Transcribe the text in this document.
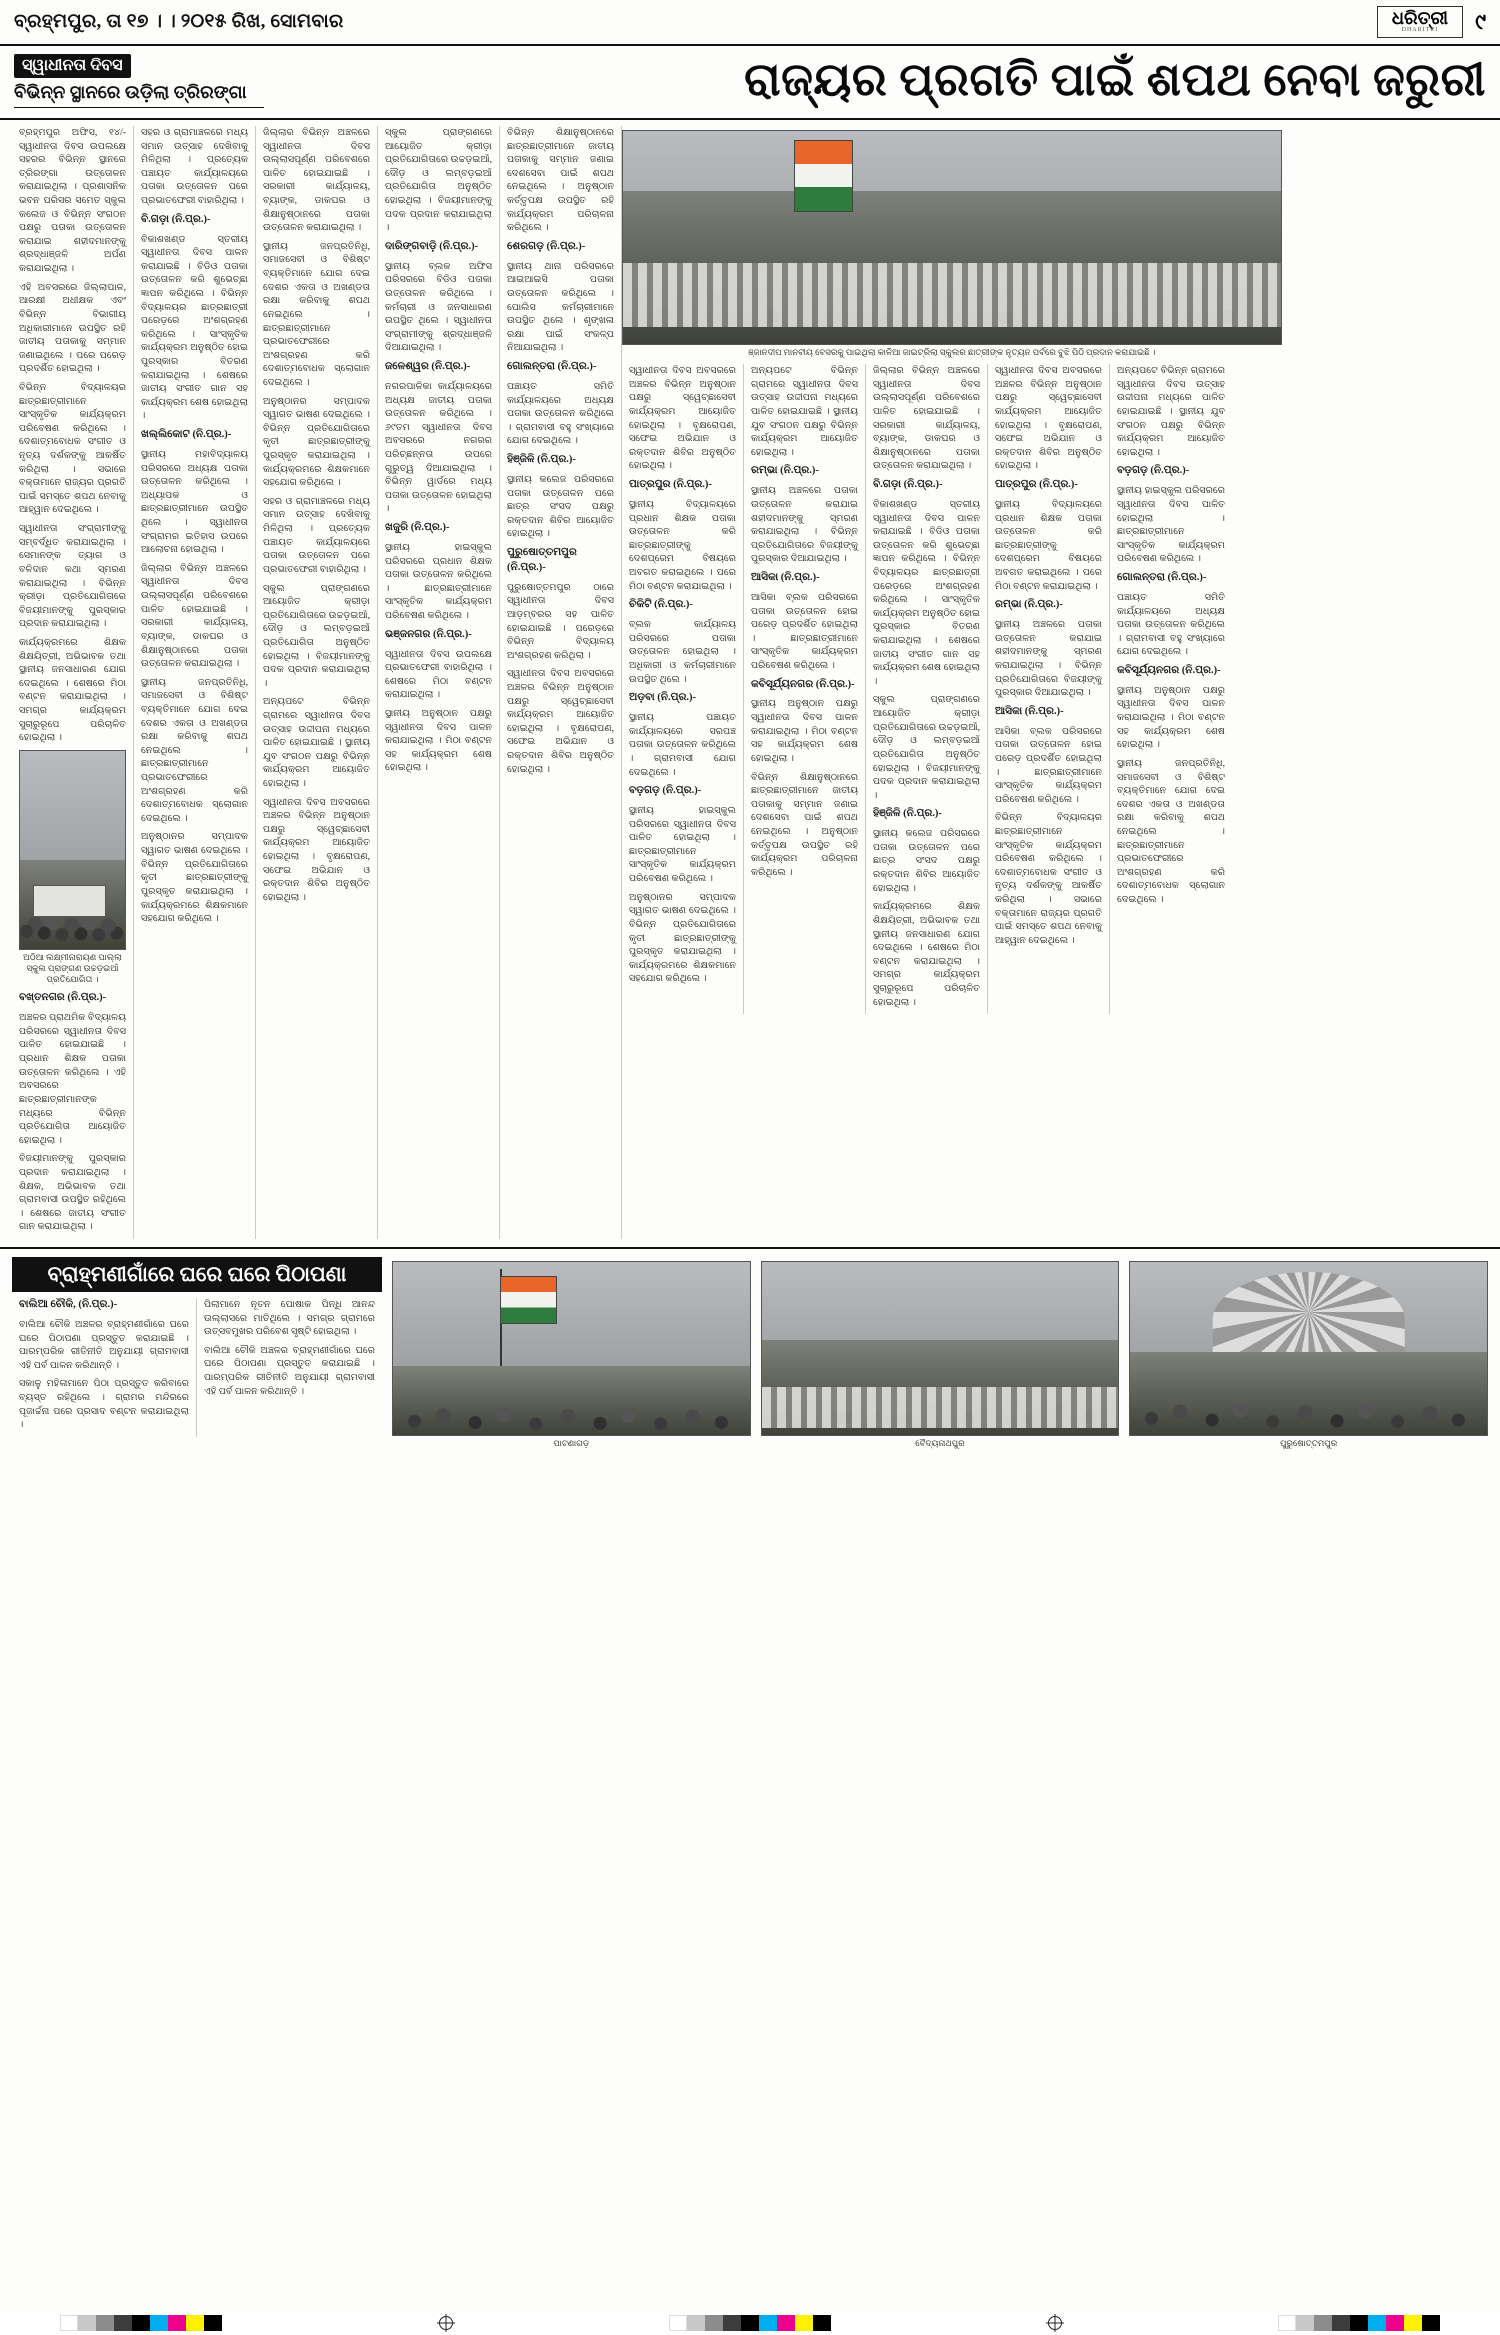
ବ୍ରହ୍ମପୁର, ତା ୧୭ । । ୨୦୧୫ ରିଖ, ସୋମବାର	ଧରିତ୍ରୀ
DHARITRI	୯
ସ୍ୱାଧୀନତା ଦିବସ
ବିଭିନ୍ନ ସ୍ଥାନରେ ଉଡ଼ିଲା ତ୍ରିରଙ୍ଗା	ରାଜ୍ୟର ପ୍ରଗତି ପାଇଁ ଶପଥ ନେବା ଜରୁରୀ

ବ୍ରହ୍ମପୁର ଅଫିସ, ୧୪/- ସ୍ୱାଧୀନତା ଦିବସ ଉପଲକ୍ଷେ ସହରର ବିଭିନ୍ନ ସ୍ଥାନରେ ତ୍ରିରଙ୍ଗା ଉତ୍ତୋଳନ କରାଯାଇଥିଲା । ପ୍ରଶାସନିକ ଭବନ ପରିସର ସମେତ ସ୍କୁଲ କଲେଜ ଓ ବିଭିନ୍ନ ସଂଗଠନ ପକ୍ଷରୁ ପତାକା ଉତ୍ତୋଳନ କରାଯାଇ ଶହୀଦମାନଙ୍କୁ ଶ୍ରଦ୍ଧାଞ୍ଜଳି ଅର୍ପଣ କରାଯାଇଥିଲା ।

ଏହି ଅବସରରେ ଜିଲ୍ଲାପାଳ, ଆରକ୍ଷୀ ଅଧୀକ୍ଷକ ଏବଂ ବିଭିନ୍ନ ବିଭାଗୀୟ ଅଧିକାରୀମାନେ ଉପସ୍ଥିତ ରହି ଜାତୀୟ ପତାକାକୁ ସମ୍ମାନ ଜଣାଇଥିଲେ । ପରେ ପରେଡ଼ ପ୍ରଦର୍ଶିତ ହୋଇଥିଲା ।

ବିଭିନ୍ନ ବିଦ୍ୟାଳୟର ଛାତ୍ରଛାତ୍ରୀମାନେ ସାଂସ୍କୃତିକ କାର୍ଯ୍ୟକ୍ରମ ପରିବେଷଣ କରିଥିଲେ । ଦେଶାତ୍ମବୋଧକ ସଂଗୀତ ଓ ନୃତ୍ୟ ଦର୍ଶକଙ୍କୁ ଆକର୍ଷିତ କରିଥିଲା । ସଭାରେ ବକ୍ତାମାନେ ରାଜ୍ୟର ପ୍ରଗତି ପାଇଁ ସମସ୍ତେ ଶପଥ ନେବାକୁ ଆହ୍ୱାନ ଦେଇଥିଲେ ।

ସ୍ୱାଧୀନତା ସଂଗ୍ରାମୀଙ୍କୁ ସମ୍ବର୍ଦ୍ଧିତ କରାଯାଇଥିଲା । ସେମାନଙ୍କ ତ୍ୟାଗ ଓ ବଳିଦାନ କଥା ସ୍ମରଣ କରାଯାଇଥିଲା । ବିଭିନ୍ନ କ୍ରୀଡ଼ା ପ୍ରତିଯୋଗିତାରେ ବିଜୟୀମାନଙ୍କୁ ପୁରସ୍କାର ପ୍ରଦାନ କରାଯାଇଥିଲା ।

କାର୍ଯ୍ୟକ୍ରମରେ ଶିକ୍ଷକ ଶିକ୍ଷୟିତ୍ରୀ, ଅଭିଭାବକ ତଥା ସ୍ଥାନୀୟ ଜନସାଧାରଣ ଯୋଗ ଦେଇଥିଲେ । ଶେଷରେ ମିଠା ବଣ୍ଟନ କରାଯାଇଥିଲା । ସମଗ୍ର କାର୍ଯ୍ୟକ୍ରମ ସୁଚାରୁରୂପେ ପରିଚାଳିତ ହୋଇଥିଲା ।

ଅଠିଆ ଲକ୍ଷ୍ମୀନାରାୟଣ ପାଲ୍ଲା ସ୍କୁଲ ପ୍ରାଙ୍ଗଣ ଉଚ୍ଚଡ଼ଇଆଁ ପ୍ରତିଯୋଗିତା ।

ବଖ୍ତନଗର (ନି.ପ୍ର.)-

ଅଞ୍ଚଳର ପ୍ରାଥମିକ ବିଦ୍ୟାଳୟ ପରିସରରେ ସ୍ୱାଧୀନତା ଦିବସ ପାଳିତ ହୋଇଯାଇଛି । ପ୍ରଧାନ ଶିକ୍ଷକ ପତାକା ଉତ୍ତୋଳନ କରିଥିଲେ । ଏହି ଅବସରରେ ଛାତ୍ରଛାତ୍ରୀମାନଙ୍କ ମଧ୍ୟରେ ବିଭିନ୍ନ ପ୍ରତିଯୋଗିତା ଆୟୋଜିତ ହୋଇଥିଲା ।

ବିଜୟୀମାନଙ୍କୁ ପୁରସ୍କାର ପ୍ରଦାନ କରାଯାଇଥିଲା । ଶିକ୍ଷକ, ଅଭିଭାବକ ତଥା ଗ୍ରାମବାସୀ ଉପସ୍ଥିତ ରହିଥିଲେ । ଶେଷରେ ଜାତୀୟ ସଂଗୀତ ଗାନ କରାଯାଇଥିଲା ।

ସହର ଓ ଗ୍ରାମାଞ୍ଚଳରେ ମଧ୍ୟ ସମାନ ଉତ୍ସାହ ଦେଖିବାକୁ ମିଳିଥିଲା । ପ୍ରତ୍ୟେକ ପଞ୍ଚାୟତ କାର୍ଯ୍ୟାଳୟରେ ପତାକା ଉତ୍ତୋଳନ ପରେ ପ୍ରଭାତଫେରୀ ବାହାରିଥିଲା ।

ବି.ଗଡ଼ା (ନି.ପ୍ର.)-

ବିକାଶଖଣ୍ଡ ସ୍ତରୀୟ ସ୍ୱାଧୀନତା ଦିବସ ପାଳନ କରାଯାଇଛି । ବିଡିଓ ପତାକା ଉତ୍ତୋଳନ କରି ଶୁଭେଚ୍ଛା ଜ୍ଞାପନ କରିଥିଲେ । ବିଭିନ୍ନ ବିଦ୍ୟାଳୟର ଛାତ୍ରଛାତ୍ରୀ ପରେଡ଼ରେ ଅଂଶଗ୍ରହଣ କରିଥିଲେ । ସାଂସ୍କୃତିକ କାର୍ଯ୍ୟକ୍ରମ ଅନୁଷ୍ଠିତ ହୋଇ ପୁରସ୍କାର ବିତରଣ କରାଯାଇଥିଲା । ଶେଷରେ ଜାତୀୟ ସଂଗୀତ ଗାନ ସହ କାର୍ଯ୍ୟକ୍ରମ ଶେଷ ହୋଇଥିଲା ।

ଖଲ୍ଲିକୋଟ (ନି.ପ୍ର.)-

ସ୍ଥାନୀୟ ମହାବିଦ୍ୟାଳୟ ପରିସରରେ ଅଧ୍ୟକ୍ଷ ପତାକା ଉତ୍ତୋଳନ କରିଥିଲେ । ଅଧ୍ୟାପକ ଓ ଛାତ୍ରଛାତ୍ରୀମାନେ ଉପସ୍ଥିତ ଥିଲେ । ସ୍ୱାଧୀନତା ସଂଗ୍ରାମର ଇତିହାସ ଉପରେ ଆଲୋଚନା ହୋଇଥିଲା ।

ଜିଲ୍ଲାର ବିଭିନ୍ନ ଅଞ୍ଚଳରେ ସ୍ୱାଧୀନତା ଦିବସ ଉଲ୍ଲାସପୂର୍ଣ୍ଣ ପରିବେଶରେ ପାଳିତ ହୋଇଯାଇଛି । ସରକାରୀ କାର୍ଯ୍ୟାଳୟ, ବ୍ୟାଙ୍କ, ଡାକଘର ଓ ଶିକ୍ଷାନୁଷ୍ଠାନରେ ପତାକା ଉତ୍ତୋଳନ କରାଯାଇଥିଲା ।

ସ୍ଥାନୀୟ ଜନପ୍ରତିନିଧି, ସମାଜସେବୀ ଓ ବିଶିଷ୍ଟ ବ୍ୟକ୍ତିମାନେ ଯୋଗ ଦେଇ ଦେଶର ଏକତା ଓ ଅଖଣ୍ଡତା ରକ୍ଷା କରିବାକୁ ଶପଥ ନେଇଥିଲେ । ଛାତ୍ରଛାତ୍ରୀମାନେ ପ୍ରଭାତଫେରୀରେ ଅଂଶଗ୍ରହଣ କରି ଦେଶାତ୍ମବୋଧକ ସ୍ଲୋଗାନ ଦେଇଥିଲେ ।

ଅନୁଷ୍ଠାନର ସମ୍ପାଦକ ସ୍ୱାଗତ ଭାଷଣ ଦେଇଥିଲେ । ବିଭିନ୍ନ ପ୍ରତିଯୋଗିତାରେ କୃତୀ ଛାତ୍ରଛାତ୍ରୀଙ୍କୁ ପୁରସ୍କୃତ କରାଯାଇଥିଲା । କାର୍ଯ୍ୟକ୍ରମରେ ଶିକ୍ଷକମାନେ ସହଯୋଗ କରିଥିଲେ ।

ଜିଲ୍ଲାର ବିଭିନ୍ନ ଅଞ୍ଚଳରେ ସ୍ୱାଧୀନତା ଦିବସ ଉଲ୍ଲାସପୂର୍ଣ୍ଣ ପରିବେଶରେ ପାଳିତ ହୋଇଯାଇଛି । ସରକାରୀ କାର୍ଯ୍ୟାଳୟ, ବ୍ୟାଙ୍କ, ଡାକଘର ଓ ଶିକ୍ଷାନୁଷ୍ଠାନରେ ପତାକା ଉତ୍ତୋଳନ କରାଯାଇଥିଲା ।

ସ୍ଥାନୀୟ ଜନପ୍ରତିନିଧି, ସମାଜସେବୀ ଓ ବିଶିଷ୍ଟ ବ୍ୟକ୍ତିମାନେ ଯୋଗ ଦେଇ ଦେଶର ଏକତା ଓ ଅଖଣ୍ଡତା ରକ୍ଷା କରିବାକୁ ଶପଥ ନେଇଥିଲେ । ଛାତ୍ରଛାତ୍ରୀମାନେ ପ୍ରଭାତଫେରୀରେ ଅଂଶଗ୍ରହଣ କରି ଦେଶାତ୍ମବୋଧକ ସ୍ଲୋଗାନ ଦେଇଥିଲେ ।

ଅନୁଷ୍ଠାନର ସମ୍ପାଦକ ସ୍ୱାଗତ ଭାଷଣ ଦେଇଥିଲେ । ବିଭିନ୍ନ ପ୍ରତିଯୋଗିତାରେ କୃତୀ ଛାତ୍ରଛାତ୍ରୀଙ୍କୁ ପୁରସ୍କୃତ କରାଯାଇଥିଲା । କାର୍ଯ୍ୟକ୍ରମରେ ଶିକ୍ଷକମାନେ ସହଯୋଗ କରିଥିଲେ ।

ସହର ଓ ଗ୍ରାମାଞ୍ଚଳରେ ମଧ୍ୟ ସମାନ ଉତ୍ସାହ ଦେଖିବାକୁ ମିଳିଥିଲା । ପ୍ରତ୍ୟେକ ପଞ୍ଚାୟତ କାର୍ଯ୍ୟାଳୟରେ ପତାକା ଉତ୍ତୋଳନ ପରେ ପ୍ରଭାତଫେରୀ ବାହାରିଥିଲା ।

ସ୍କୁଲ ପ୍ରାଙ୍ଗଣରେ ଆୟୋଜିତ କ୍ରୀଡ଼ା ପ୍ରତିଯୋଗିତାରେ ଉଚ୍ଚଡ଼ଇଆଁ, ଦୌଡ଼ ଓ ଲମ୍ବଡ଼ଇଆଁ ପ୍ରତିଯୋଗିତା ଅନୁଷ୍ଠିତ ହୋଇଥିଲା । ବିଜୟୀମାନଙ୍କୁ ପଦକ ପ୍ରଦାନ କରାଯାଇଥିଲା ।

ଅନ୍ୟପଟେ ବିଭିନ୍ନ ଗ୍ରାମରେ ସ୍ୱାଧୀନତା ଦିବସ ଉତ୍ସାହ ଉଦ୍ଦୀପନା ମଧ୍ୟରେ ପାଳିତ ହୋଇଯାଇଛି । ସ୍ଥାନୀୟ ଯୁବ ସଂଗଠନ ପକ୍ଷରୁ ବିଭିନ୍ନ କାର୍ଯ୍ୟକ୍ରମ ଆୟୋଜିତ ହୋଇଥିଲା ।

ସ୍ୱାଧୀନତା ଦିବସ ଅବସରରେ ଅଞ୍ଚଳର ବିଭିନ୍ନ ଅନୁଷ୍ଠାନ ପକ୍ଷରୁ ସ୍ୱେଚ୍ଛାସେବୀ କାର୍ଯ୍ୟକ୍ରମ ଆୟୋଜିତ ହୋଇଥିଲା । ବୃକ୍ଷରୋପଣ, ସଫେଇ ଅଭିଯାନ ଓ ରକ୍ତଦାନ ଶିବିର ଅନୁଷ୍ଠିତ ହୋଇଥିଲା ।

ସ୍କୁଲ ପ୍ରାଙ୍ଗଣରେ ଆୟୋଜିତ କ୍ରୀଡ଼ା ପ୍ରତିଯୋଗିତାରେ ଉଚ୍ଚଡ଼ଇଆଁ, ଦୌଡ଼ ଓ ଲମ୍ବଡ଼ଇଆଁ ପ୍ରତିଯୋଗିତା ଅନୁଷ୍ଠିତ ହୋଇଥିଲା । ବିଜୟୀମାନଙ୍କୁ ପଦକ ପ୍ରଦାନ କରାଯାଇଥିଲା ।

ଦାରିଙ୍ଗବାଡ଼ି (ନି.ପ୍ର.)-

ସ୍ଥାନୀୟ ବ୍ଲକ ଅଫିସ ପରିସରରେ ବିଡିଓ ପତାକା ଉତ୍ତୋଳନ କରିଥିଲେ । କର୍ମଚାରୀ ଓ ଜନସାଧାରଣ ଉପସ୍ଥିତ ଥିଲେ । ସ୍ୱାଧୀନତା ସଂଗ୍ରାମୀଙ୍କୁ ଶ୍ରଦ୍ଧାଞ୍ଜଳି ଦିଆଯାଇଥିଲା ।

ଜଳେଶ୍ୱର (ନି.ପ୍ର.)-

ନଗରପାଳିକା କାର୍ଯ୍ୟାଳୟରେ ଅଧ୍ୟକ୍ଷ ଜାତୀୟ ପତାକା ଉତ୍ତୋଳନ କରିଥିଲେ । ୬୯ତମ ସ୍ୱାଧୀନତା ଦିବସ ଅବସରରେ ନଗରର ପରିଚ୍ଛନ୍ନତା ଉପରେ ଗୁରୁତ୍ୱ ଦିଆଯାଇଥିଲା । ବିଭିନ୍ନ ୱାର୍ଡରେ ମଧ୍ୟ ପତାକା ଉତ୍ତୋଳନ ହୋଇଥିଲା ।

ଖଜୁରି (ନି.ପ୍ର.)-

ସ୍ଥାନୀୟ ହାଇସ୍କୁଲ ପରିସରରେ ପ୍ରଧାନ ଶିକ୍ଷକ ପତାକା ଉତ୍ତୋଳନ କରିଥିଲେ । ଛାତ୍ରଛାତ୍ରୀମାନେ ସାଂସ୍କୃତିକ କାର୍ଯ୍ୟକ୍ରମ ପରିବେଷଣ କରିଥିଲେ ।

ଭଞ୍ଜନଗର (ନି.ପ୍ର.)-

ସ୍ୱାଧୀନତା ଦିବସ ଉପଲକ୍ଷେ ପ୍ରଭାତଫେରୀ ବାହାରିଥିଲା । ଶେଷରେ ମିଠା ବଣ୍ଟନ କରାଯାଇଥିଲା ।

ସ୍ଥାନୀୟ ଅନୁଷ୍ଠାନ ପକ୍ଷରୁ ସ୍ୱାଧୀନତା ଦିବସ ପାଳନ କରାଯାଇଥିଲା । ମିଠା ବଣ୍ଟନ ସହ କାର୍ଯ୍ୟକ୍ରମ ଶେଷ ହୋଇଥିଲା ।

ବିଭିନ୍ନ ଶିକ୍ଷାନୁଷ୍ଠାନରେ ଛାତ୍ରଛାତ୍ରୀମାନେ ଜାତୀୟ ପତାକାକୁ ସମ୍ମାନ ଜଣାଇ ଦେଶସେବା ପାଇଁ ଶପଥ ନେଇଥିଲେ । ଅନୁଷ୍ଠାନ କର୍ତ୍ତୃପକ୍ଷ ଉପସ୍ଥିତ ରହି କାର୍ଯ୍ୟକ୍ରମ ପରିଚାଳନା କରିଥିଲେ ।

ଶେରଗଡ଼ (ନି.ପ୍ର.)-

ସ୍ଥାନୀୟ ଥାନା ପରିସରରେ ଆଇଆଇସି ପତାକା ଉତ୍ତୋଳନ କରିଥିଲେ । ପୋଲିସ କର୍ମଚାରୀମାନେ ଉପସ୍ଥିତ ଥିଲେ । ଶୃଙ୍ଖଳା ରକ୍ଷା ପାଇଁ ସଂକଳ୍ପ ନିଆଯାଇଥିଲା ।

ଗୋଲନ୍ତରା (ନି.ପ୍ର.)-

ପଞ୍ଚାୟତ ସମିତି କାର୍ଯ୍ୟାଳୟରେ ଅଧ୍ୟକ୍ଷ ପତାକା ଉତ୍ତୋଳନ କରିଥିଲେ । ଗ୍ରାମବାସୀ ବହୁ ସଂଖ୍ୟାରେ ଯୋଗ ଦେଇଥିଲେ ।

ହିଞ୍ଜିଳି (ନି.ପ୍ର.)-

ସ୍ଥାନୀୟ କଲେଜ ପରିସରରେ ପତାକା ଉତ୍ତୋଳନ ପରେ ଛାତ୍ର ସଂସଦ ପକ୍ଷରୁ ରକ୍ତଦାନ ଶିବିର ଆୟୋଜିତ ହୋଇଥିଲା ।

ପୁରୁଷୋତ୍ତମପୁର (ନି.ପ୍ର.)-

ପୁରୁଷୋତ୍ତମପୁର ଠାରେ ସ୍ୱାଧୀନତା ଦିବସ ଆଡ଼ମ୍ବରର ସହ ପାଳିତ ହୋଇଯାଇଛି । ପରେଡ଼ରେ ବିଭିନ୍ନ ବିଦ୍ୟାଳୟ ଅଂଶଗ୍ରହଣ କରିଥିଲା ।

ସ୍ୱାଧୀନତା ଦିବସ ଅବସରରେ ଅଞ୍ଚଳର ବିଭିନ୍ନ ଅନୁଷ୍ଠାନ ପକ୍ଷରୁ ସ୍ୱେଚ୍ଛାସେବୀ କାର୍ଯ୍ୟକ୍ରମ ଆୟୋଜିତ ହୋଇଥିଲା । ବୃକ୍ଷରୋପଣ, ସଫେଇ ଅଭିଯାନ ଓ ରକ୍ତଦାନ ଶିବିର ଅନୁଷ୍ଠିତ ହୋଇଥିଲା ।

ଞ୍ଜାନଦୀପ ମାନବୀୟ ବେସରକୁ ପାଇଥିଲା କାଳିଆ ଜାଇଟ୍ରିଲା ସ୍କୁଲର ଛାତ୍ରୀଙ୍କ ନୃତ୍ୟନ ପର୍ବରେ ବୁଝି ପିଠି ପ୍ରଦାନ କରାଯାଇଛି ।

ସ୍ୱାଧୀନତା ଦିବସ ଅବସରରେ ଅଞ୍ଚଳର ବିଭିନ୍ନ ଅନୁଷ୍ଠାନ ପକ୍ଷରୁ ସ୍ୱେଚ୍ଛାସେବୀ କାର୍ଯ୍ୟକ୍ରମ ଆୟୋଜିତ ହୋଇଥିଲା । ବୃକ୍ଷରୋପଣ, ସଫେଇ ଅଭିଯାନ ଓ ରକ୍ତଦାନ ଶିବିର ଅନୁଷ୍ଠିତ ହୋଇଥିଲା ।

ପାତ୍ରପୁର (ନି.ପ୍ର.)-

ସ୍ଥାନୀୟ ବିଦ୍ୟାଳୟରେ ପ୍ରଧାନ ଶିକ୍ଷକ ପତାକା ଉତ୍ତୋଳନ କରି ଛାତ୍ରଛାତ୍ରୀଙ୍କୁ ଦେଶପ୍ରେମ ବିଷୟରେ ଅବଗତ କରାଇଥିଲେ । ପରେ ମିଠା ବଣ୍ଟନ କରାଯାଇଥିଲା ।

ଚିକିଟି (ନି.ପ୍ର.)-

ବ୍ଲକ କାର୍ଯ୍ୟାଳୟ ପରିସରରେ ପତାକା ଉତ୍ତୋଳନ ହୋଇଥିଲା । ଅଧିକାରୀ ଓ କର୍ମଚାରୀମାନେ ଉପସ୍ଥିତ ଥିଲେ ।

ଅଡ଼ବା (ନି.ପ୍ର.)-

ସ୍ଥାନୀୟ ପଞ୍ଚାୟତ କାର୍ଯ୍ୟାଳୟରେ ସରପଞ୍ଚ ପତାକା ଉତ୍ତୋଳନ କରିଥିଲେ । ଗ୍ରାମବାସୀ ଯୋଗ ଦେଇଥିଲେ ।

ବଡ଼ଗଡ଼ (ନି.ପ୍ର.)-

ସ୍ଥାନୀୟ ହାଇସ୍କୁଲ ପରିସରରେ ସ୍ୱାଧୀନତା ଦିବସ ପାଳିତ ହୋଇଥିଲା । ଛାତ୍ରଛାତ୍ରୀମାନେ ସାଂସ୍କୃତିକ କାର୍ଯ୍ୟକ୍ରମ ପରିବେଷଣ କରିଥିଲେ ।

ଅନୁଷ୍ଠାନର ସମ୍ପାଦକ ସ୍ୱାଗତ ଭାଷଣ ଦେଇଥିଲେ । ବିଭିନ୍ନ ପ୍ରତିଯୋଗିତାରେ କୃତୀ ଛାତ୍ରଛାତ୍ରୀଙ୍କୁ ପୁରସ୍କୃତ କରାଯାଇଥିଲା । କାର୍ଯ୍ୟକ୍ରମରେ ଶିକ୍ଷକମାନେ ସହଯୋଗ କରିଥିଲେ ।

ଅନ୍ୟପଟେ ବିଭିନ୍ନ ଗ୍ରାମରେ ସ୍ୱାଧୀନତା ଦିବସ ଉତ୍ସାହ ଉଦ୍ଦୀପନା ମଧ୍ୟରେ ପାଳିତ ହୋଇଯାଇଛି । ସ୍ଥାନୀୟ ଯୁବ ସଂଗଠନ ପକ୍ଷରୁ ବିଭିନ୍ନ କାର୍ଯ୍ୟକ୍ରମ ଆୟୋଜିତ ହୋଇଥିଲା ।

ରମ୍ଭା (ନି.ପ୍ର.)-

ସ୍ଥାନୀୟ ଅଞ୍ଚଳରେ ପତାକା ଉତ୍ତୋଳନ କରାଯାଇ ଶହୀଦମାନଙ୍କୁ ସ୍ମରଣ କରାଯାଇଥିଲା । ବିଭିନ୍ନ ପ୍ରତିଯୋଗିତାରେ ବିଜୟୀଙ୍କୁ ପୁରସ୍କାର ଦିଆଯାଇଥିଲା ।

ଆସିକା (ନି.ପ୍ର.)-

ଆସିକା ବ୍ଲକ ପରିସରରେ ପତାକା ଉତ୍ତୋଳନ ହୋଇ ପରେଡ଼ ପ୍ରଦର୍ଶିତ ହୋଇଥିଲା । ଛାତ୍ରଛାତ୍ରୀମାନେ ସାଂସ୍କୃତିକ କାର୍ଯ୍ୟକ୍ରମ ପରିବେଷଣ କରିଥିଲେ ।

କବିସୂର୍ଯ୍ୟନଗର (ନି.ପ୍ର.)-

ସ୍ଥାନୀୟ ଅନୁଷ୍ଠାନ ପକ୍ଷରୁ ସ୍ୱାଧୀନତା ଦିବସ ପାଳନ କରାଯାଇଥିଲା । ମିଠା ବଣ୍ଟନ ସହ କାର୍ଯ୍ୟକ୍ରମ ଶେଷ ହୋଇଥିଲା ।

ବିଭିନ୍ନ ଶିକ୍ଷାନୁଷ୍ଠାନରେ ଛାତ୍ରଛାତ୍ରୀମାନେ ଜାତୀୟ ପତାକାକୁ ସମ୍ମାନ ଜଣାଇ ଦେଶସେବା ପାଇଁ ଶପଥ ନେଇଥିଲେ । ଅନୁଷ୍ଠାନ କର୍ତ୍ତୃପକ୍ଷ ଉପସ୍ଥିତ ରହି କାର୍ଯ୍ୟକ୍ରମ ପରିଚାଳନା କରିଥିଲେ ।

ଜିଲ୍ଲାର ବିଭିନ୍ନ ଅଞ୍ଚଳରେ ସ୍ୱାଧୀନତା ଦିବସ ଉଲ୍ଲାସପୂର୍ଣ୍ଣ ପରିବେଶରେ ପାଳିତ ହୋଇଯାଇଛି । ସରକାରୀ କାର୍ଯ୍ୟାଳୟ, ବ୍ୟାଙ୍କ, ଡାକଘର ଓ ଶିକ୍ଷାନୁଷ୍ଠାନରେ ପତାକା ଉତ୍ତୋଳନ କରାଯାଇଥିଲା ।

ବି.ଗଡ଼ା (ନି.ପ୍ର.)-

ବିକାଶଖଣ୍ଡ ସ୍ତରୀୟ ସ୍ୱାଧୀନତା ଦିବସ ପାଳନ କରାଯାଇଛି । ବିଡିଓ ପତାକା ଉତ୍ତୋଳନ କରି ଶୁଭେଚ୍ଛା ଜ୍ଞାପନ କରିଥିଲେ । ବିଭିନ୍ନ ବିଦ୍ୟାଳୟର ଛାତ୍ରଛାତ୍ରୀ ପରେଡ଼ରେ ଅଂଶଗ୍ରହଣ କରିଥିଲେ । ସାଂସ୍କୃତିକ କାର୍ଯ୍ୟକ୍ରମ ଅନୁଷ୍ଠିତ ହୋଇ ପୁରସ୍କାର ବିତରଣ କରାଯାଇଥିଲା । ଶେଷରେ ଜାତୀୟ ସଂଗୀତ ଗାନ ସହ କାର୍ଯ୍ୟକ୍ରମ ଶେଷ ହୋଇଥିଲା ।

ସ୍କୁଲ ପ୍ରାଙ୍ଗଣରେ ଆୟୋଜିତ କ୍ରୀଡ଼ା ପ୍ରତିଯୋଗିତାରେ ଉଚ୍ଚଡ଼ଇଆଁ, ଦୌଡ଼ ଓ ଲମ୍ବଡ଼ଇଆଁ ପ୍ରତିଯୋଗିତା ଅନୁଷ୍ଠିତ ହୋଇଥିଲା । ବିଜୟୀମାନଙ୍କୁ ପଦକ ପ୍ରଦାନ କରାଯାଇଥିଲା ।

ହିଞ୍ଜିଳି (ନି.ପ୍ର.)-

ସ୍ଥାନୀୟ କଲେଜ ପରିସରରେ ପତାକା ଉତ୍ତୋଳନ ପରେ ଛାତ୍ର ସଂସଦ ପକ୍ଷରୁ ରକ୍ତଦାନ ଶିବିର ଆୟୋଜିତ ହୋଇଥିଲା ।

କାର୍ଯ୍ୟକ୍ରମରେ ଶିକ୍ଷକ ଶିକ୍ଷୟିତ୍ରୀ, ଅଭିଭାବକ ତଥା ସ୍ଥାନୀୟ ଜନସାଧାରଣ ଯୋଗ ଦେଇଥିଲେ । ଶେଷରେ ମିଠା ବଣ୍ଟନ କରାଯାଇଥିଲା । ସମଗ୍ର କାର୍ଯ୍ୟକ୍ରମ ସୁଚାରୁରୂପେ ପରିଚାଳିତ ହୋଇଥିଲା ।

ସ୍ୱାଧୀନତା ଦିବସ ଅବସରରେ ଅଞ୍ଚଳର ବିଭିନ୍ନ ଅନୁଷ୍ଠାନ ପକ୍ଷରୁ ସ୍ୱେଚ୍ଛାସେବୀ କାର୍ଯ୍ୟକ୍ରମ ଆୟୋଜିତ ହୋଇଥିଲା । ବୃକ୍ଷରୋପଣ, ସଫେଇ ଅଭିଯାନ ଓ ରକ୍ତଦାନ ଶିବିର ଅନୁଷ୍ଠିତ ହୋଇଥିଲା ।

ପାତ୍ରପୁର (ନି.ପ୍ର.)-

ସ୍ଥାନୀୟ ବିଦ୍ୟାଳୟରେ ପ୍ରଧାନ ଶିକ୍ଷକ ପତାକା ଉତ୍ତୋଳନ କରି ଛାତ୍ରଛାତ୍ରୀଙ୍କୁ ଦେଶପ୍ରେମ ବିଷୟରେ ଅବଗତ କରାଇଥିଲେ । ପରେ ମିଠା ବଣ୍ଟନ କରାଯାଇଥିଲା ।

ରମ୍ଭା (ନି.ପ୍ର.)-

ସ୍ଥାନୀୟ ଅଞ୍ଚଳରେ ପତାକା ଉତ୍ତୋଳନ କରାଯାଇ ଶହୀଦମାନଙ୍କୁ ସ୍ମରଣ କରାଯାଇଥିଲା । ବିଭିନ୍ନ ପ୍ରତିଯୋଗିତାରେ ବିଜୟୀଙ୍କୁ ପୁରସ୍କାର ଦିଆଯାଇଥିଲା ।

ଆସିକା (ନି.ପ୍ର.)-

ଆସିକା ବ୍ଲକ ପରିସରରେ ପତାକା ଉତ୍ତୋଳନ ହୋଇ ପରେଡ଼ ପ୍ରଦର୍ଶିତ ହୋଇଥିଲା । ଛାତ୍ରଛାତ୍ରୀମାନେ ସାଂସ୍କୃତିକ କାର୍ଯ୍ୟକ୍ରମ ପରିବେଷଣ କରିଥିଲେ ।

ବିଭିନ୍ନ ବିଦ୍ୟାଳୟର ଛାତ୍ରଛାତ୍ରୀମାନେ ସାଂସ୍କୃତିକ କାର୍ଯ୍ୟକ୍ରମ ପରିବେଷଣ କରିଥିଲେ । ଦେଶାତ୍ମବୋଧକ ସଂଗୀତ ଓ ନୃତ୍ୟ ଦର୍ଶକଙ୍କୁ ଆକର୍ଷିତ କରିଥିଲା । ସଭାରେ ବକ୍ତାମାନେ ରାଜ୍ୟର ପ୍ରଗତି ପାଇଁ ସମସ୍ତେ ଶପଥ ନେବାକୁ ଆହ୍ୱାନ ଦେଇଥିଲେ ।

ଅନ୍ୟପଟେ ବିଭିନ୍ନ ଗ୍ରାମରେ ସ୍ୱାଧୀନତା ଦିବସ ଉତ୍ସାହ ଉଦ୍ଦୀପନା ମଧ୍ୟରେ ପାଳିତ ହୋଇଯାଇଛି । ସ୍ଥାନୀୟ ଯୁବ ସଂଗଠନ ପକ୍ଷରୁ ବିଭିନ୍ନ କାର୍ଯ୍ୟକ୍ରମ ଆୟୋଜିତ ହୋଇଥିଲା ।

ବଡ଼ଗଡ଼ (ନି.ପ୍ର.)-

ସ୍ଥାନୀୟ ହାଇସ୍କୁଲ ପରିସରରେ ସ୍ୱାଧୀନତା ଦିବସ ପାଳିତ ହୋଇଥିଲା । ଛାତ୍ରଛାତ୍ରୀମାନେ ସାଂସ୍କୃତିକ କାର୍ଯ୍ୟକ୍ରମ ପରିବେଷଣ କରିଥିଲେ ।

ଗୋଲନ୍ତରା (ନି.ପ୍ର.)-

ପଞ୍ଚାୟତ ସମିତି କାର୍ଯ୍ୟାଳୟରେ ଅଧ୍ୟକ୍ଷ ପତାକା ଉତ୍ତୋଳନ କରିଥିଲେ । ଗ୍ରାମବାସୀ ବହୁ ସଂଖ୍ୟାରେ ଯୋଗ ଦେଇଥିଲେ ।

କବିସୂର୍ଯ୍ୟନଗର (ନି.ପ୍ର.)-

ସ୍ଥାନୀୟ ଅନୁଷ୍ଠାନ ପକ୍ଷରୁ ସ୍ୱାଧୀନତା ଦିବସ ପାଳନ କରାଯାଇଥିଲା । ମିଠା ବଣ୍ଟନ ସହ କାର୍ଯ୍ୟକ୍ରମ ଶେଷ ହୋଇଥିଲା ।

ସ୍ଥାନୀୟ ଜନପ୍ରତିନିଧି, ସମାଜସେବୀ ଓ ବିଶିଷ୍ଟ ବ୍ୟକ୍ତିମାନେ ଯୋଗ ଦେଇ ଦେଶର ଏକତା ଓ ଅଖଣ୍ଡତା ରକ୍ଷା କରିବାକୁ ଶପଥ ନେଇଥିଲେ । ଛାତ୍ରଛାତ୍ରୀମାନେ ପ୍ରଭାତଫେରୀରେ ଅଂଶଗ୍ରହଣ କରି ଦେଶାତ୍ମବୋଧକ ସ୍ଲୋଗାନ ଦେଇଥିଲେ ।

ବ୍ରାହ୍ମଣୀଗାଁରେ ଘରେ ଘରେ ପିଠାପଣା

ବାଲିଆ ଚୌକି, (ନି.ପ୍ର.)-

ବାଲିଆ ଚୌକି ଅଞ୍ଚଳର ବ୍ରାହ୍ମଣୀଗାଁରେ ଘରେ ଘରେ ପିଠାପଣା ପ୍ରସ୍ତୁତ କରାଯାଇଛି । ପାରମ୍ପରିକ ରୀତିନୀତି ଅନୁଯାୟୀ ଗ୍ରାମବାସୀ ଏହି ପର୍ବ ପାଳନ କରିଥାନ୍ତି ।

ସକାଳୁ ମହିଳାମାନେ ପିଠା ପ୍ରସ୍ତୁତ କରିବାରେ ବ୍ୟସ୍ତ ରହିଥିଲେ । ଗ୍ରାମର ମନ୍ଦିରରେ ପୂଜାର୍ଚ୍ଚନା ପରେ ପ୍ରସାଦ ବଣ୍ଟନ କରାଯାଇଥିଲା ।

ପିଲାମାନେ ନୂତନ ପୋଷାକ ପିନ୍ଧି ଆନନ୍ଦ ଉଲ୍ଲାସରେ ମାତିଥିଲେ । ସମଗ୍ର ଗ୍ରାମରେ ଉତ୍ସବମୁଖର ପରିବେଶ ସୃଷ୍ଟି ହୋଇଥିଲା ।

ବାଲିଆ ଚୌକି ଅଞ୍ଚଳର ବ୍ରାହ୍ମଣୀଗାଁରେ ଘରେ ଘରେ ପିଠାପଣା ପ୍ରସ୍ତୁତ କରାଯାଇଛି । ପାରମ୍ପରିକ ରୀତିନୀତି ଅନୁଯାୟୀ ଗ୍ରାମବାସୀ ଏହି ପର୍ବ ପାଳନ କରିଥାନ୍ତି ।

ପାଟଣାଗଡ଼	ବୈଦ୍ୟନାଥପୁର	ପୁରୁଷୋତ୍ତମପୁର
